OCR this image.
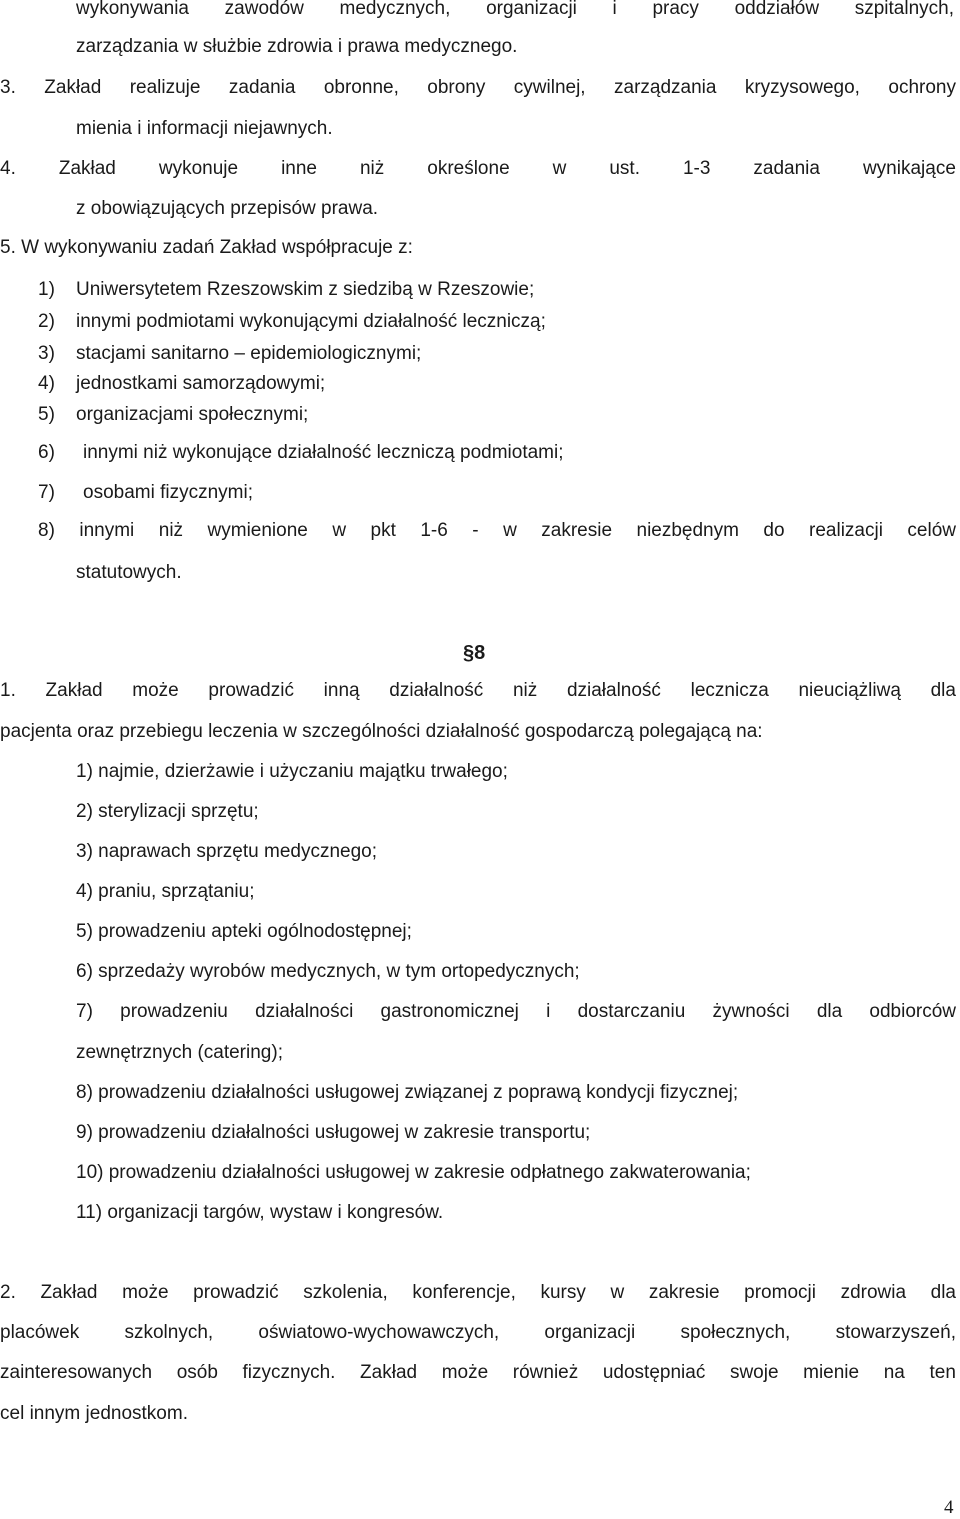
wykonywania zawodów medycznych, organizacji i pracy oddziałów szpitalnych,
zarządzania w służbie zdrowia i prawa medycznego.
3. Zakład realizuje zadania obronne, obrony cywilnej, zarządzania kryzysowego, ochrony
mienia i informacji niejawnych.
4. Zakład wykonuje inne niż określone w ust. 1-3 zadania wynikające
z obowiązujących przepisów prawa.
5. W wykonywaniu zadań Zakład współpracuje z:
1) Uniwersytetem Rzeszowskim z siedzibą w Rzeszowie;
2) innymi podmiotami wykonującymi działalność leczniczą;
3) stacjami sanitarno – epidemiologicznymi;
4) jednostkami samorządowymi;
5) organizacjami społecznymi;
6) innymi niż wykonujące działalność leczniczą podmiotami;
7) osobami fizycznymi;
8) innymi niż wymienione w pkt 1-6 - w zakresie niezbędnym do realizacji celów
statutowych.
§8
1. Zakład może prowadzić inną działalność niż działalność lecznicza nieuciążliwą dla
pacjenta oraz przebiegu leczenia w szczególności działalność gospodarczą polegającą na:
1) najmie, dzierżawie i użyczaniu majątku trwałego;
2) sterylizacji sprzętu;
3) naprawach sprzętu medycznego;
4) praniu, sprzątaniu;
5) prowadzeniu apteki ogólnodostępnej;
6) sprzedaży wyrobów medycznych, w tym ortopedycznych;
7) prowadzeniu działalności gastronomicznej i dostarczaniu żywności dla odbiorców
zewnętrznych (catering);
8) prowadzeniu działalności usługowej związanej z poprawą kondycji fizycznej;
9) prowadzeniu działalności usługowej w zakresie transportu;
10) prowadzeniu działalności usługowej w zakresie odpłatnego zakwaterowania;
11) organizacji targów, wystaw i kongresów.
2. Zakład może prowadzić szkolenia, konferencje, kursy w zakresie promocji zdrowia dla
placówek szkolnych, oświatowo-wychowawczych, organizacji społecznych, stowarzyszeń,
zainteresowanych osób fizycznych. Zakład może również udostępniać swoje mienie na ten
cel innym jednostkom.
4
